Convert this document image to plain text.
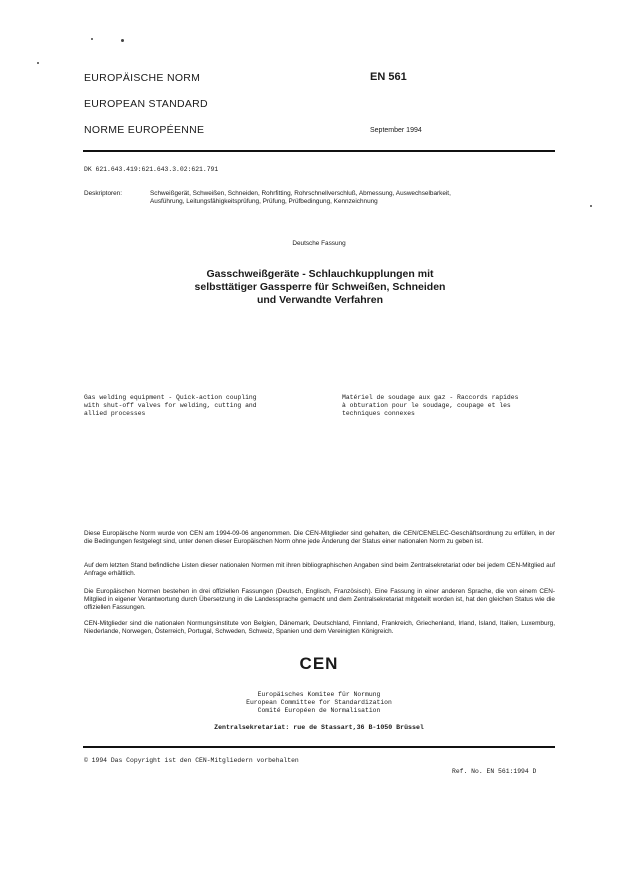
EUROPÄISCHE NORM
EUROPEAN STANDARD
NORME EUROPÉENNE
EN 561
September 1994
DK 621.643.419:621.643.3.02:621.791
Deskriptoren:	Schweißgerät, Schweißen, Schneiden, Rohrfitting, Rohrschnellverschluß, Abmessung, Auswechselbarkeit,
Ausführung, Leitungsfähigkeitsprüfung, Prüfung, Prüfbedingung, Kennzeichnung
Deutsche Fassung
Gasschweißgeräte - Schlauchkupplungen mit
selbsttätiger Gassperre für Schweißen, Schneiden
und Verwandte Verfahren
Gas welding equipment - Quick-action coupling
with shut-off valves for welding, cutting and
allied processes
Matériel de soudage aux gaz - Raccords rapides
à obturation pour le soudage, coupage et les
techniques connexes
Diese Europäische Norm wurde von CEN am 1994-09-06 angenommen. Die CEN-Mitglieder sind gehalten, die CEN/CENELEC-Geschäftsordnung zu erfüllen, in der die Bedingungen festgelegt sind, unter denen dieser Europäischen Norm ohne jede Änderung der Status einer nationalen Norm zu geben ist.
Auf dem letzten Stand befindliche Listen dieser nationalen Normen mit ihren bibliographischen Angaben sind beim Zentralsekretariat oder bei jedem CEN-Mitglied auf Anfrage erhältlich.
Die Europäischen Normen bestehen in drei offiziellen Fassungen (Deutsch, Englisch, Französisch). Eine Fassung in einer anderen Sprache, die von einem CEN-Mitglied in eigener Verantwortung durch Übersetzung in die Landessprache gemacht und dem Zentralsekretariat mitgeteilt worden ist, hat den gleichen Status wie die offiziellen Fassungen.
CEN-Mitglieder sind die nationalen Normungsinstitute von Belgien, Dänemark, Deutschland, Finnland, Frankreich, Griechenland, Irland, Island, Italien, Luxemburg, Niederlande, Norwegen, Österreich, Portugal, Schweden, Schweiz, Spanien und dem Vereinigten Königreich.
CEN
Europäisches Komitee für Normung
European Committee for Standardization
Comité Européen de Normalisation
Zentralsekretariat: rue de Stassart,36 B-1050 Brüssel
© 1994 Das Copyright ist den CEN-Mitgliedern vorbehalten
Ref. No. EN 561:1994 D
